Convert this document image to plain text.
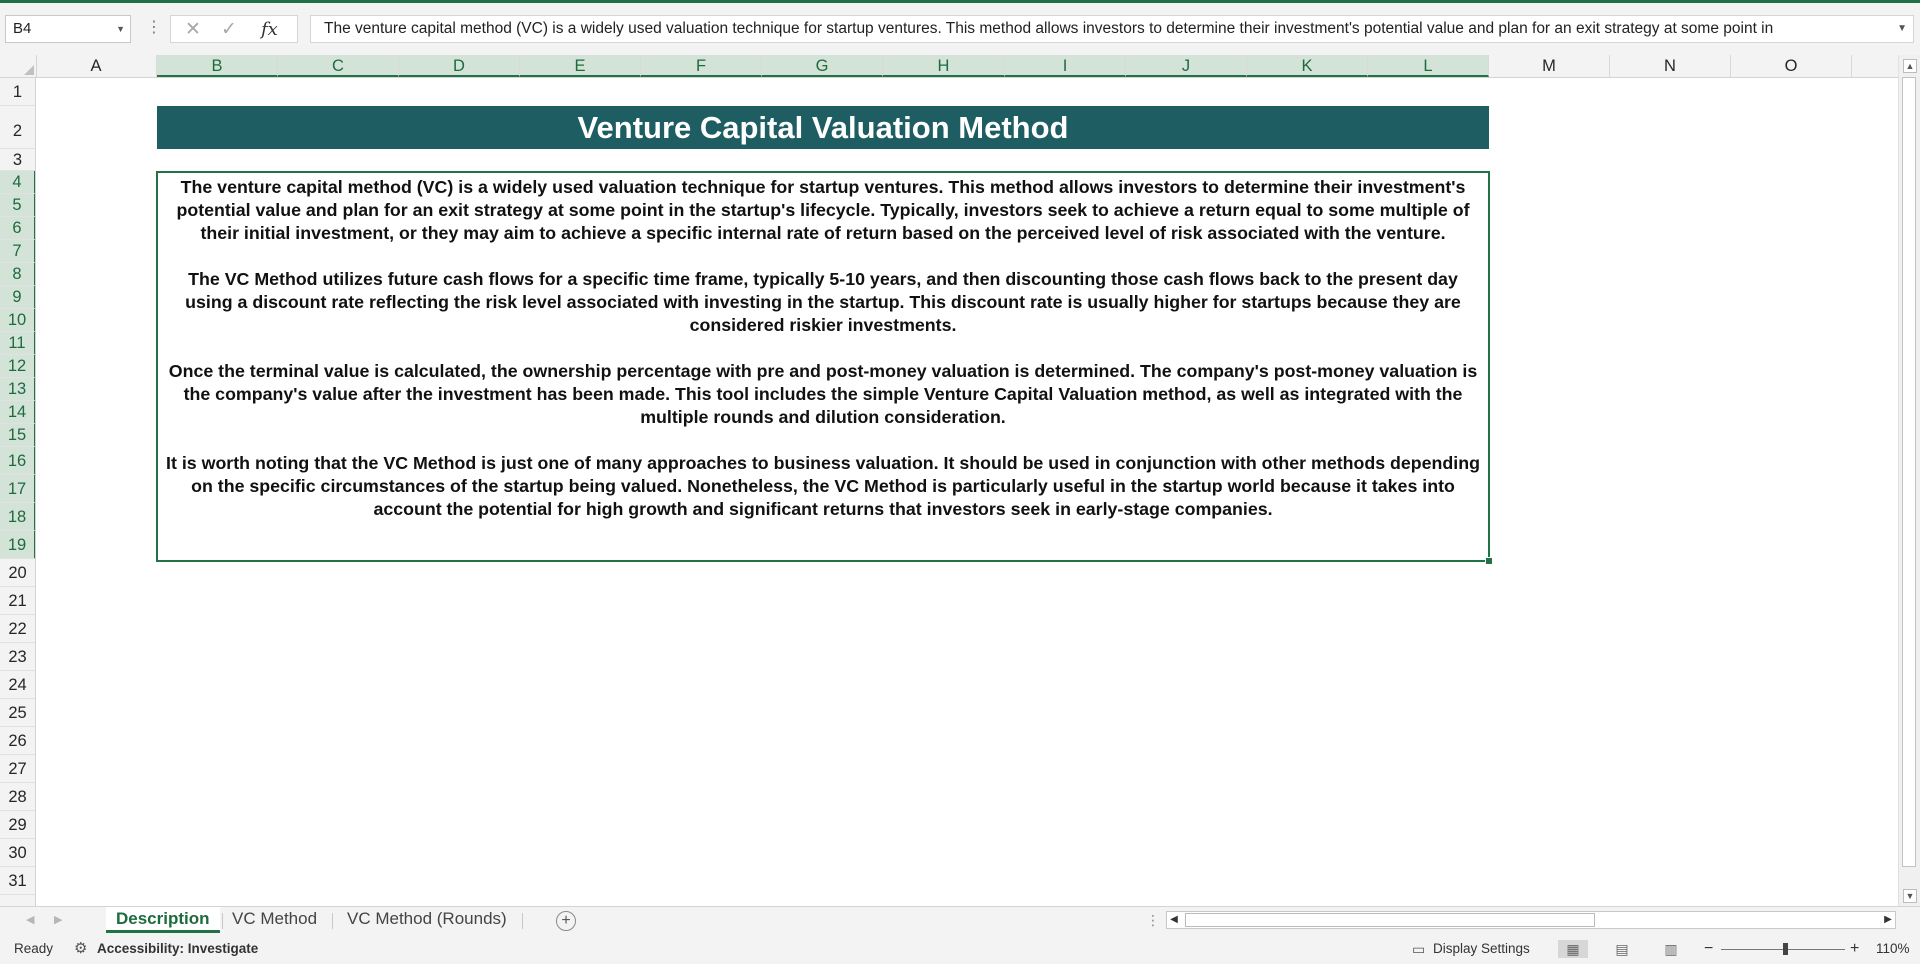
B4	▼ ⋮ ✕ ✓ fx	The venture capital method (VC) is a widely used valuation technique for startup ventures. This method allows investors to determine their investment's potential value and plan for an exit strategy at some point in	▼
A	B	C	D	E	F	G	H	I	J	K	L	M	N	O
1
2
3
4
5
6
7
8
9
10
11
12
13
14
15
16
17
18
19
20
21
22
23
24
25
26
27
28
29
30
31
Venture Capital Valuation Method

The venture capital method (VC) is a widely used valuation technique for startup ventures. This method allows investors to determine their investment's potential value and plan for an exit strategy at some point in the startup's lifecycle. Typically, investors seek to achieve a return equal to some multiple of their initial investment, or they may aim to achieve a specific internal rate of return based on the perceived level of risk associated with the venture.

The VC Method utilizes future cash flows for a specific time frame, typically 5-10 years, and then discounting those cash flows back to the present day using a discount rate reflecting the risk level associated with investing in the startup. This discount rate is usually higher for startups because they are considered riskier investments.

Once the terminal value is calculated, the ownership percentage with pre and post-money valuation is determined. The company's post-money valuation is the company's value after the investment has been made. This tool includes the simple Venture Capital Valuation method, as well as integrated with the multiple rounds and dilution consideration.

It is worth noting that the VC Method is just one of many approaches to business valuation. It should be used in conjunction with other methods depending on the specific circumstances of the startup being valued. Nonetheless, the VC Method is particularly useful in the startup world because it takes into account the potential for high growth and significant returns that investors seek in early-stage companies.

▲
▼
◀ ▶	Description	VC Method	VC Method (Rounds)	+	⋮	◀	▶
Ready ⚙ Accessibility: Investigate	▭ Display Settings	▦	▤	▥	−	+ 110%
